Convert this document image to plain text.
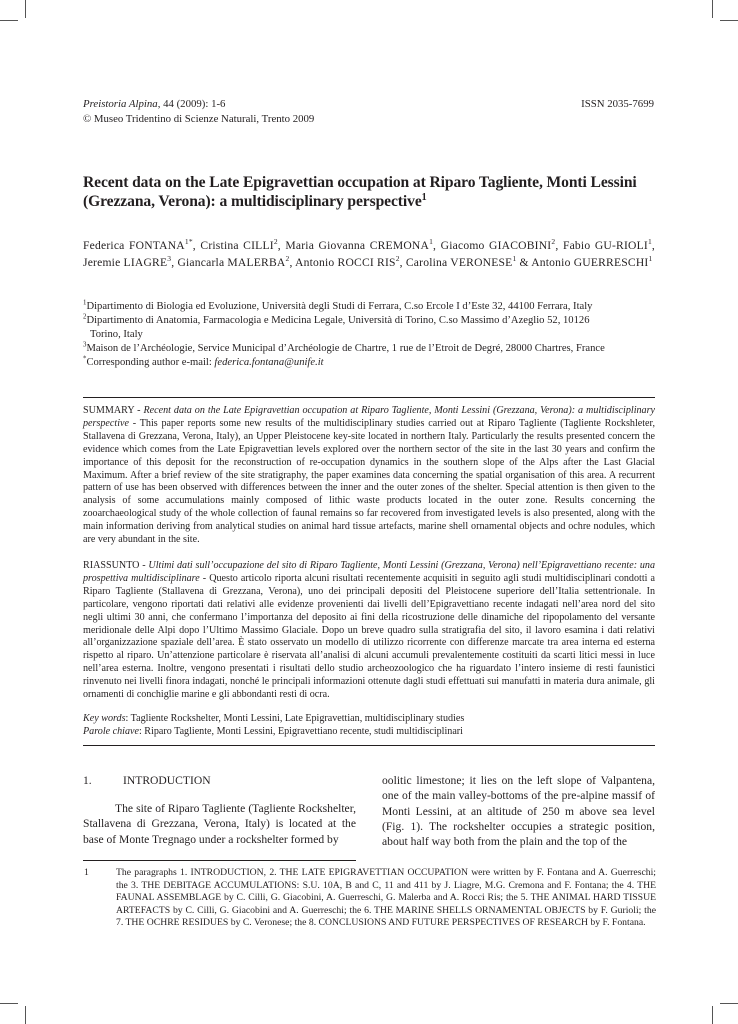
Preistoria Alpina, 44 (2009): 1-6
© Museo Tridentino di Scienze Naturali, Trento 2009
ISSN 2035-7699
Recent data on the Late Epigravettian occupation at Riparo Tagliente, Monti Lessini
(Grezzana, Verona): a multidisciplinary perspective$^1$
Federica $FONTANA^{1*}$, Cristina CILLI$^2$, Maria Giovanna CREMONA$^1$, Giacomo GIACOBINI$^2$, Fabio GU-RIOLI$^1$, Jeremie LIAGRE$^3$, Giancarla MALERBA$^2$, Antonio ROCCI RIS$^2$, Carolina VERONESE$^1$ & Antonio GUERRESCHI$^1$
$^1$Dipartimento di Biologia ed Evoluzione, Università degli Studi di Ferrara, C.so Ercole I d’Este 32, 44100 Ferrara, Italy
$^2$Dipartimento di Anatomia, Farmacologia e Medicina Legale, Università di Torino, C.so Massimo d’Azeglio 52, 10126
Torino, Italy
$^3$Maison de l’Archéologie, Service Municipal d’Archéologie de Chartre, 1 rue de l’Etroit de Degré, 28000 Chartres, France
*Corresponding author e-mail: federica.fontana@unife.it
SUMMARY - Recent data on the Late Epigravettian occupation at Riparo Tagliente, Monti Lessini (Grezzana, Verona): a multidisciplinary perspective - This paper reports some new results of the multidisciplinary studies carried out at Riparo Tagliente (Tagliente Rockshleter, Stallavena di Grezzana, Verona, Italy), an Upper Pleistocene key-site located in northern Italy. Particularly the results presented concern the evidence which comes from the Late Epigravettian levels explored over the northern sector of the site in the last 30 years and confirm the importance of this deposit for the reconstruction of re-occupation dynamics in the southern slope of the Alps after the Last Glacial Maximum. After a brief review of the site stratigraphy, the paper examines data concerning the spatial organisation of this area. A recurrent pattern of use has been observed with differences between the inner and the outer zones of the shelter. Special attention is then given to the analysis of some accumulations mainly composed of lithic waste products located in the outer zone. Results concerning the zooarchaeological study of the whole collection of faunal remains so far recovered from investigated levels is also presented, along with the main information deriving from analytical studies on animal hard tissue artefacts, marine shell ornamental objects and ochre nodules, which are very abundant in the site.
RIASSUNTO - Ultimi dati sull’occupazione del sito di Riparo Tagliente, Monti Lessini (Grezzana, Verona) nell’Epigravettiano recente: una prospettiva multidisciplinare - Questo articolo riporta alcuni risultati recentemente acquisiti in seguito agli studi multidisciplinari condotti a Riparo Tagliente (Stallavena di Grezzana, Verona), uno dei principali depositi del Pleistocene superiore dell’Italia settentrionale. In particolare, vengono riportati dati relativi alle evidenze provenienti dai livelli dell’Epigravettiano recente indagati nell’area nord del sito negli ultimi 30 anni, che confermano l’importanza del deposito ai fini della ricostruzione delle dinamiche del ripopolamento del versante meridionale delle Alpi dopo l’Ultimo Massimo Glaciale. Dopo un breve quadro sulla stratigrafia del sito, il lavoro esamina i dati relativi all’organizzazione spaziale dell’area. È stato osservato un modello di utilizzo ricorrente con differenze marcate tra area interna ed esterna rispetto al riparo. Un’attenzione particolare è riservata all’analisi di alcuni accumuli prevalentemente costituiti da scarti litici messi in luce nell’area esterna. Inoltre, vengono presentati i risultati dello studio archeozoologico che ha riguardato l’intero insieme di resti faunistici rinvenuto nei livelli finora indagati, nonché le principali informazioni ottenute dagli studi effettuati sui manufatti in materia dura animale, gli ornamenti di conchiglie marine e gli abbondanti resti di ocra.
Key words: Tagliente Rockshelter, Monti Lessini, Late Epigravettian, multidisciplinary studies
Parole chiave: Riparo Tagliente, Monti Lessini, Epigravettiano recente, studi multidisciplinari
1.	INTRODUCTION
The site of Riparo Tagliente (Tagliente Rockshelter, Stallavena di Grezzana, Verona, Italy) is located at the base of Monte Tregnago under a rockshelter formed by
oolitic limestone; it lies on the left slope of Valpantena, one of the main valley-bottoms of the pre-alpine massif of Monti Lessini, at an altitude of 250 m above sea level (Fig. 1). The rockshelter occupies a strategic position, about half way both from the plain and the top of the
1	The paragraphs 1. INTRODUCTION, 2. THE LATE EPIGRAVETTIAN OCCUPATION were written by F. Fontana and A. Guerreschi; the 3. THE DEBITAGE ACCUMULATIONS: S.U. 10A, B and C, 11 and 411 by J. Liagre, M.G. Cremona and F. Fontana; the 4. THE FAUNAL ASSEMBLAGE by C. Cilli, G. Giacobini, A. Guerreschi, G. Malerba and A. Rocci Ris; the 5. THE ANIMAL HARD TISSUE ARTEFACTS by C. Cilli, G. Giacobini and A. Guerreschi; the 6. THE MARINE SHELLS ORNAMENTAL OBJECTS by F. Gurioli; the 7. THE OCHRE RESIDUES by C. Veronese; the 8. CONCLUSIONS AND FUTURE PERSPECTIVES OF RESEARCH by F. Fontana.
